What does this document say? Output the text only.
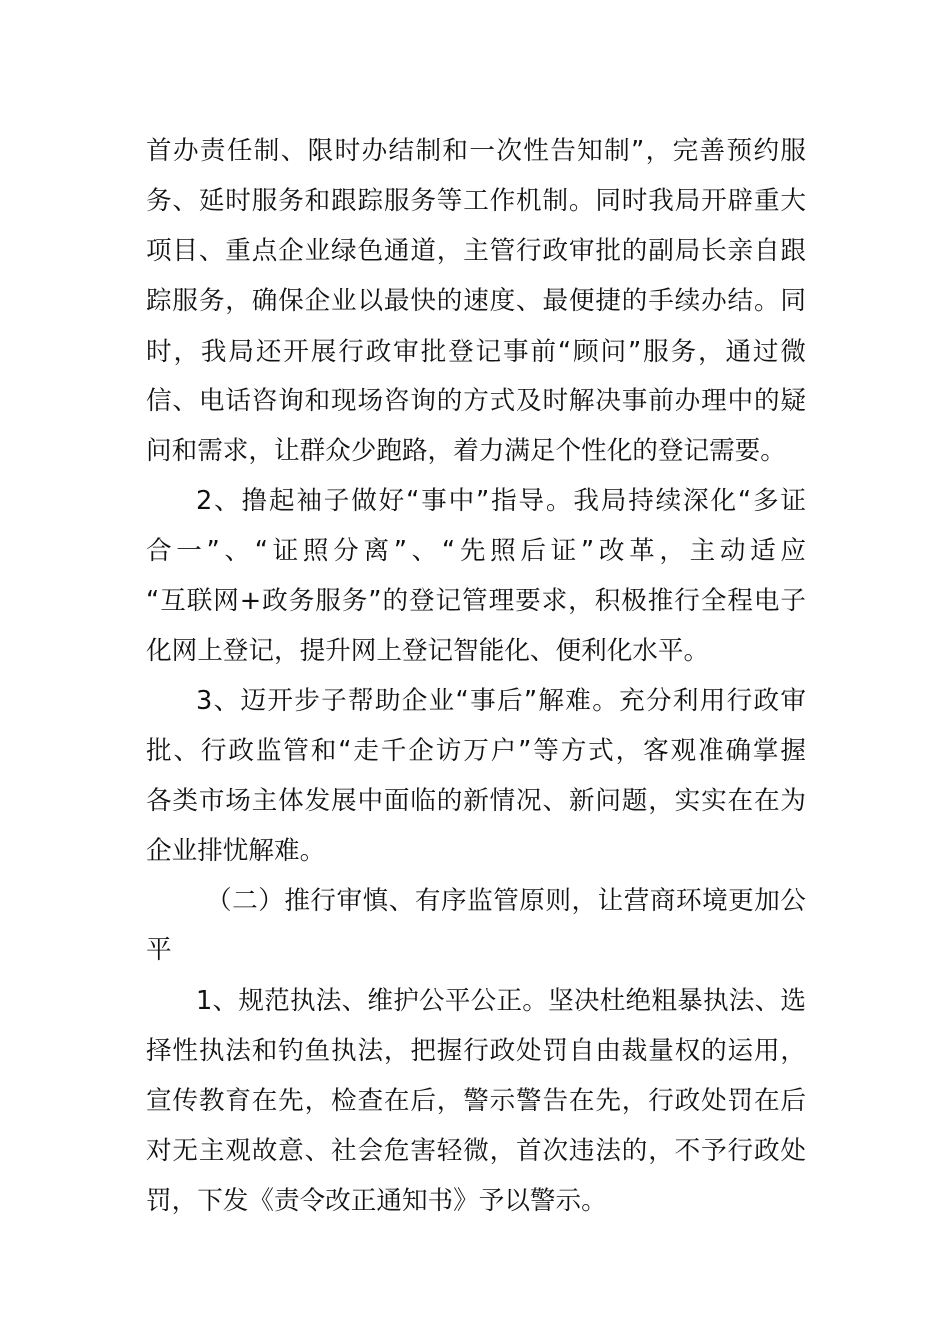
首办责任制、限时办结制和一次性告知制”，完善预约服
务、延时服务和跟踪服务等工作机制。同时我局开辟重大
项目、重点企业绿色通道，主管行政审批的副局长亲自跟
踪服务，确保企业以最快的速度、最便捷的手续办结。同
时，我局还开展行政审批登记事前“顾问”服务，通过微
信、电话咨询和现场咨询的方式及时解决事前办理中的疑
问和需求，让群众少跑路，着力满足个性化的登记需要。
2、撸起袖子做好“事中”指导。我局持续深化“多证
合一”、“证照分离”、“先照后证”改革，主动适应
“互联网+政务服务”的登记管理要求，积极推行全程电子
化网上登记，提升网上登记智能化、便利化水平。
3、迈开步子帮助企业“事后”解难。充分利用行政审
批、行政监管和“走千企访万户”等方式，客观准确掌握
各类市场主体发展中面临的新情况、新问题，实实在在为
企业排忧解难。
（二）推行审慎、有序监管原则，让营商环境更加公
平
1、规范执法、维护公平公正。坚决杜绝粗暴执法、选
择性执法和钓鱼执法，把握行政处罚自由裁量权的运用，
宣传教育在先，检查在后，警示警告在先，行政处罚在后
对无主观故意、社会危害轻微，首次违法的，不予行政处
罚，下发《责令改正通知书》予以警示。
